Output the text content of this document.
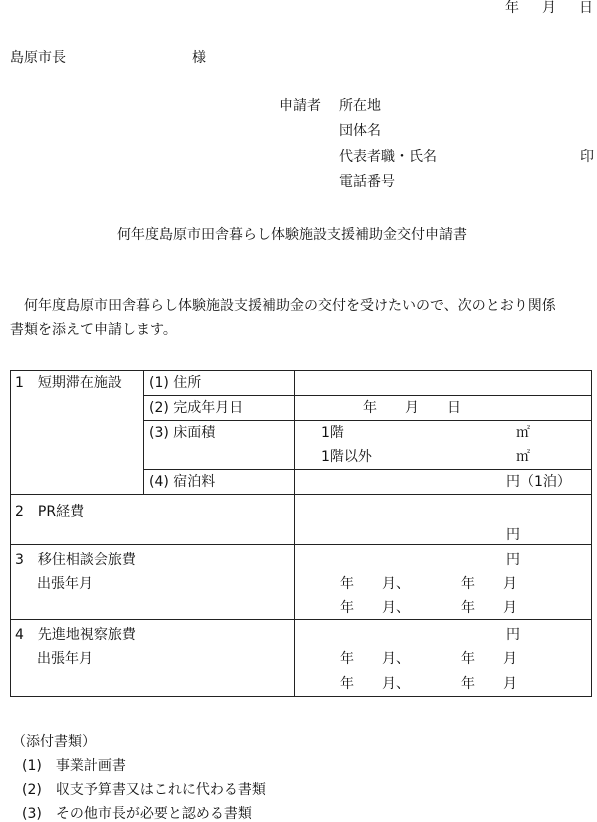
年 月 日
島原市長	様
申請者 所在地
団体名
代表者職・氏名	印
電話番号
何年度島原市田舎暮らし体験施設支援補助金交付申請書
何年度島原市田舎暮らし体験施設支援補助金の交付を受けたいので、次のとおり関係
書類を添えて申請します。
1　短期滞在施設	(1) 住所	

	(2) 完成年月日	年　　月　　日

	(3) 床面積	1階 ㎡

		1階以外 ㎡

	(4) 宿泊料	円（1泊）

2　PR経費		円

3　移住相談会旅費
出張年月		円
年　　月、 年　　月
年　　月、 年　　月

4　先進地視察旅費
出張年月		円
年　　月、 年　　月
年　　月、 年　　月
（添付書類）
(1)　事業計画書
(2)　収支予算書又はこれに代わる書類
(3)　その他市長が必要と認める書類
